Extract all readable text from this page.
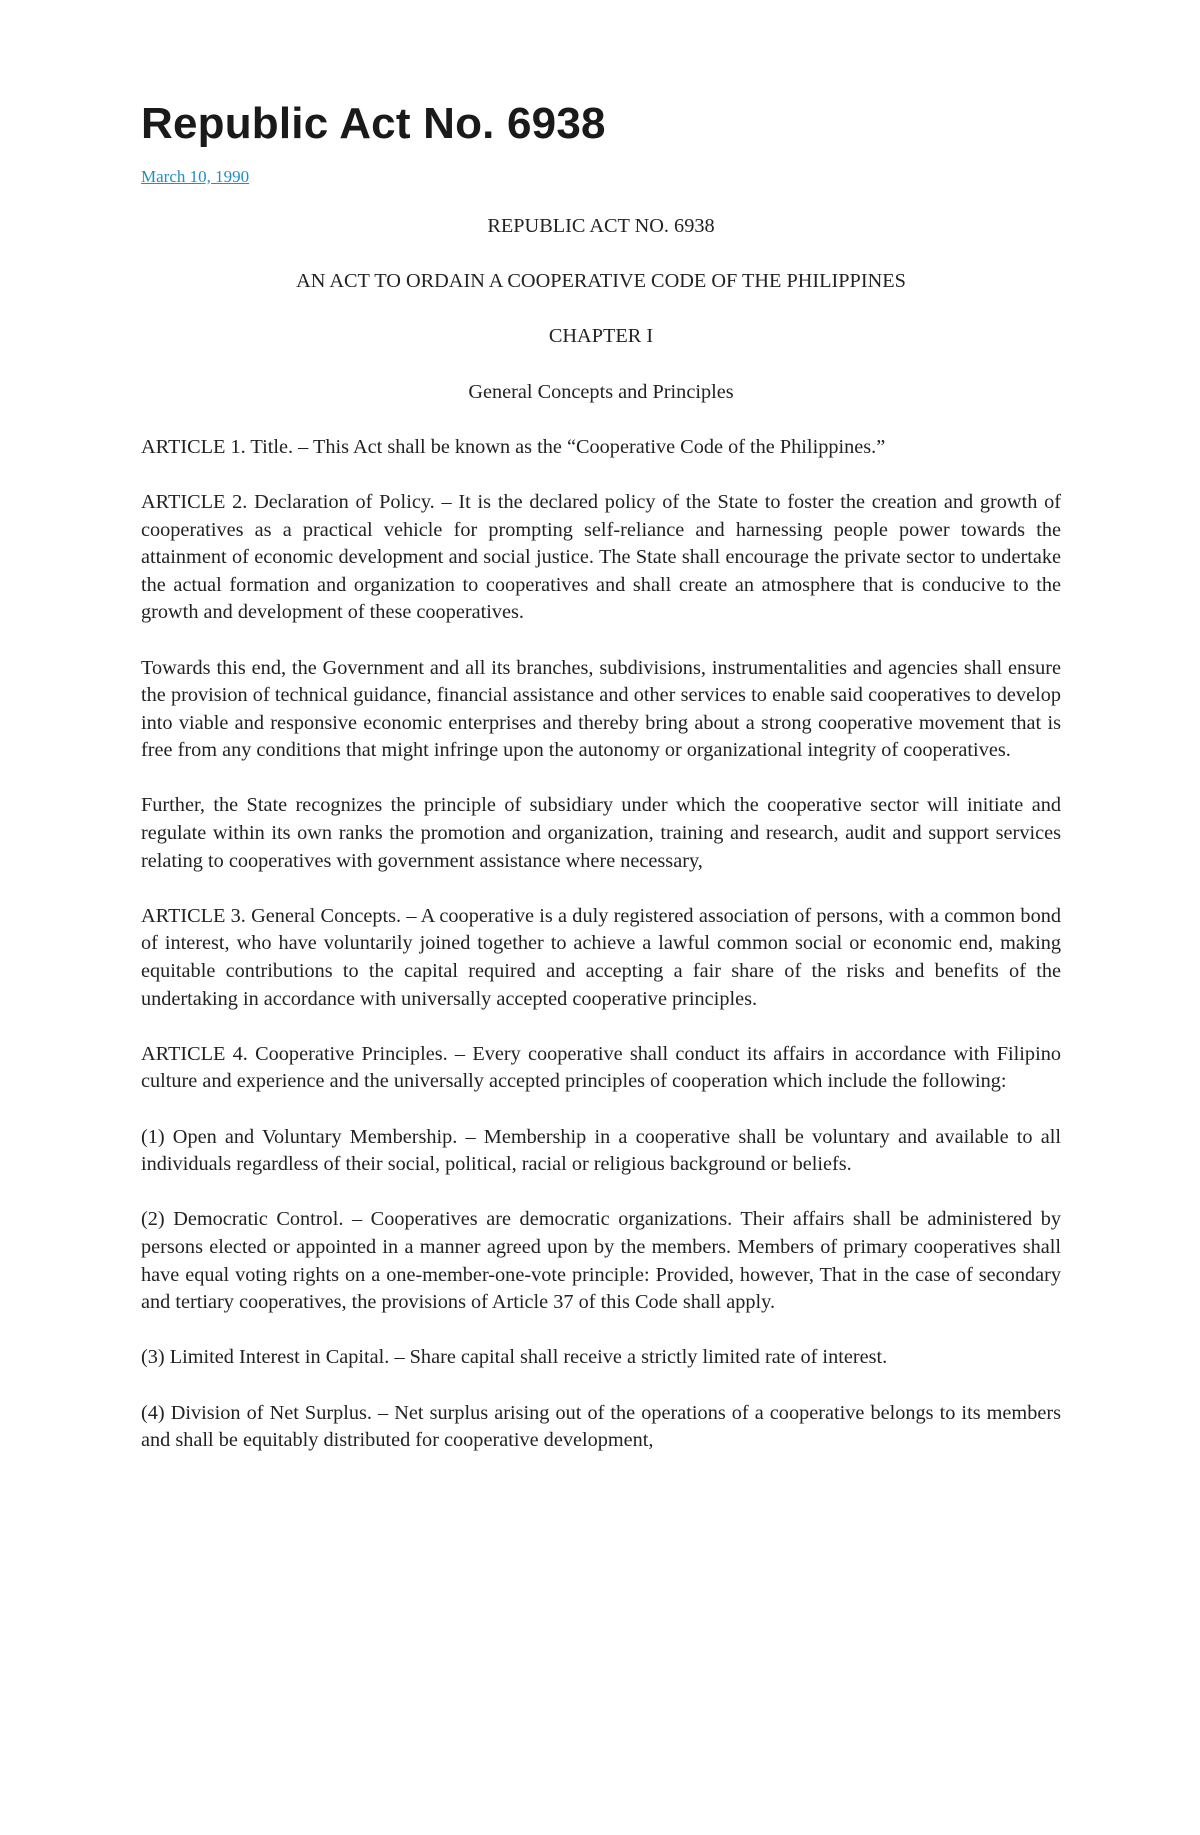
Republic Act No. 6938
March 10, 1990

REPUBLIC ACT NO. 6938

AN ACT TO ORDAIN A COOPERATIVE CODE OF THE PHILIPPINES

CHAPTER I

General Concepts and Principles

ARTICLE 1. Title. – This Act shall be known as the “Cooperative Code of the Philippines.”

ARTICLE 2. Declaration of Policy. – It is the declared policy of the State to foster the creation and growth of cooperatives as a practical vehicle for prompting self-reliance and harnessing people power towards the attainment of economic development and social justice. The State shall encourage the private sector to undertake the actual formation and organization to cooperatives and shall create an atmosphere that is conducive to the growth and development of these cooperatives.

Towards this end, the Government and all its branches, subdivisions, instrumentalities and agencies shall ensure the provision of technical guidance, financial assistance and other services to enable said cooperatives to develop into viable and responsive economic enterprises and thereby bring about a strong cooperative movement that is free from any conditions that might infringe upon the autonomy or organizational integrity of cooperatives.

Further, the State recognizes the principle of subsidiary under which the cooperative sector will initiate and regulate within its own ranks the promotion and organization, training and research, audit and support services relating to cooperatives with government assistance where necessary,

ARTICLE 3. General Concepts. – A cooperative is a duly registered association of persons, with a common bond of interest, who have voluntarily joined together to achieve a lawful common social or economic end, making equitable contributions to the capital required and accepting a fair share of the risks and benefits of the undertaking in accordance with universally accepted cooperative principles.

ARTICLE 4. Cooperative Principles. – Every cooperative shall conduct its affairs in accordance with Filipino culture and experience and the universally accepted principles of cooperation which include the following:

(1) Open and Voluntary Membership. – Membership in a cooperative shall be voluntary and available to all individuals regardless of their social, political, racial or religious background or beliefs.

(2) Democratic Control. – Cooperatives are democratic organizations. Their affairs shall be administered by persons elected or appointed in a manner agreed upon by the members. Members of primary cooperatives shall have equal voting rights on a one-member-one-vote principle: Provided, however, That in the case of secondary and tertiary cooperatives, the provisions of Article 37 of this Code shall apply.

(3) Limited Interest in Capital. – Share capital shall receive a strictly limited rate of interest.

(4) Division of Net Surplus. – Net surplus arising out of the operations of a cooperative belongs to its members and shall be equitably distributed for cooperative development,
